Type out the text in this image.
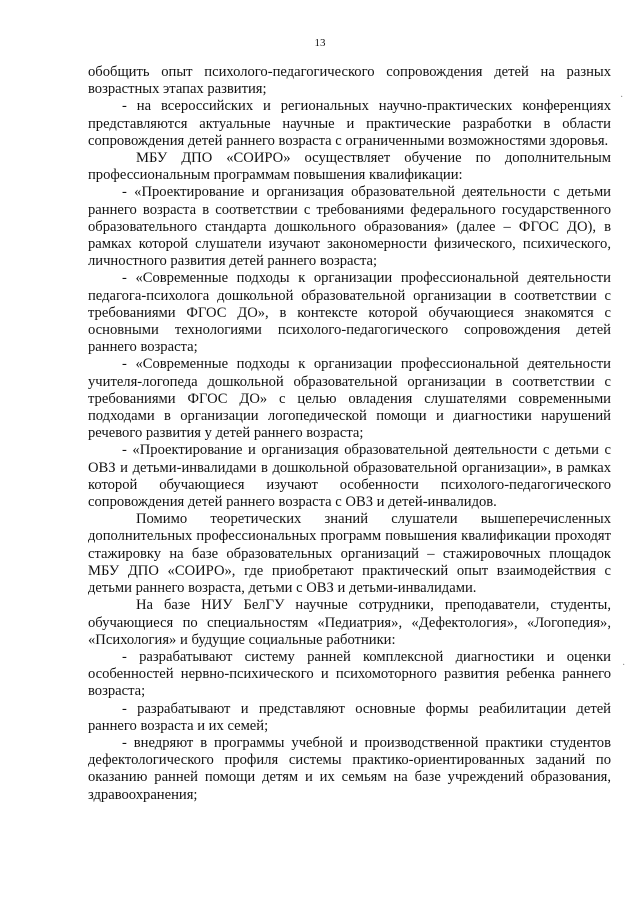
13

обобщить опыт психолого-педагогического сопровождения детей на разных возрастных этапах развития;

- на всероссийских и региональных научно-практических конференциях представляются актуальные научные и практические разработки в области сопровождения детей раннего возраста с ограниченными возможностями здоровья.

МБУ ДПО «СОИРО» осуществляет обучение по дополнительным профессиональным программам повышения квалификации:

- «Проектирование и организация образовательной деятельности с детьми раннего возраста в соответствии с требованиями федерального государственного образовательного стандарта дошкольного образования» (далее – ФГОС ДО), в рамках которой слушатели изучают закономерности физического, психического, личностного развития детей раннего возраста;

- «Современные подходы к организации профессиональной деятельности педагога-психолога дошкольной образовательной организации в соответствии с требованиями ФГОС ДО», в контексте которой обучающиеся знакомятся с основными технологиями психолого-педагогического сопровождения детей раннего возраста;

- «Современные подходы к организации профессиональной деятельности учителя-логопеда дошкольной образовательной организации в соответствии с требованиями ФГОС ДО» с целью овладения слушателями современными подходами в организации логопедической помощи и диагностики нарушений речевого развития у детей раннего возраста;

- «Проектирование и организация образовательной деятельности с детьми с ОВЗ и детьми-инвалидами в дошкольной образовательной организации», в рамках которой обучающиеся изучают особенности психолого-педагогического сопровождения детей раннего возраста с ОВЗ и детей-инвалидов.

Помимо теоретических знаний слушатели вышеперечисленных дополнительных профессиональных программ повышения квалификации проходят стажировку на базе образовательных организаций – стажировочных площадок МБУ ДПО «СОИРО», где приобретают практический опыт взаимодействия с детьми раннего возраста, детьми с ОВЗ и детьми-инвалидами.

На базе НИУ БелГУ научные сотрудники, преподаватели, студенты, обучающиеся по специальностям «Педиатрия», «Дефектология», «Логопедия», «Психология» и будущие социальные работники:

- разрабатывают систему ранней комплексной диагностики и оценки особенностей нервно-психического и психомоторного развития ребенка раннего возраста;

- разрабатывают и представляют основные формы реабилитации детей раннего возраста и их семей;

- внедряют в программы учебной и производственной практики студентов дефектологического профиля системы практико-ориентированных заданий по оказанию ранней помощи детям и их семьям на базе учреждений образования, здравоохранения;

·
·
